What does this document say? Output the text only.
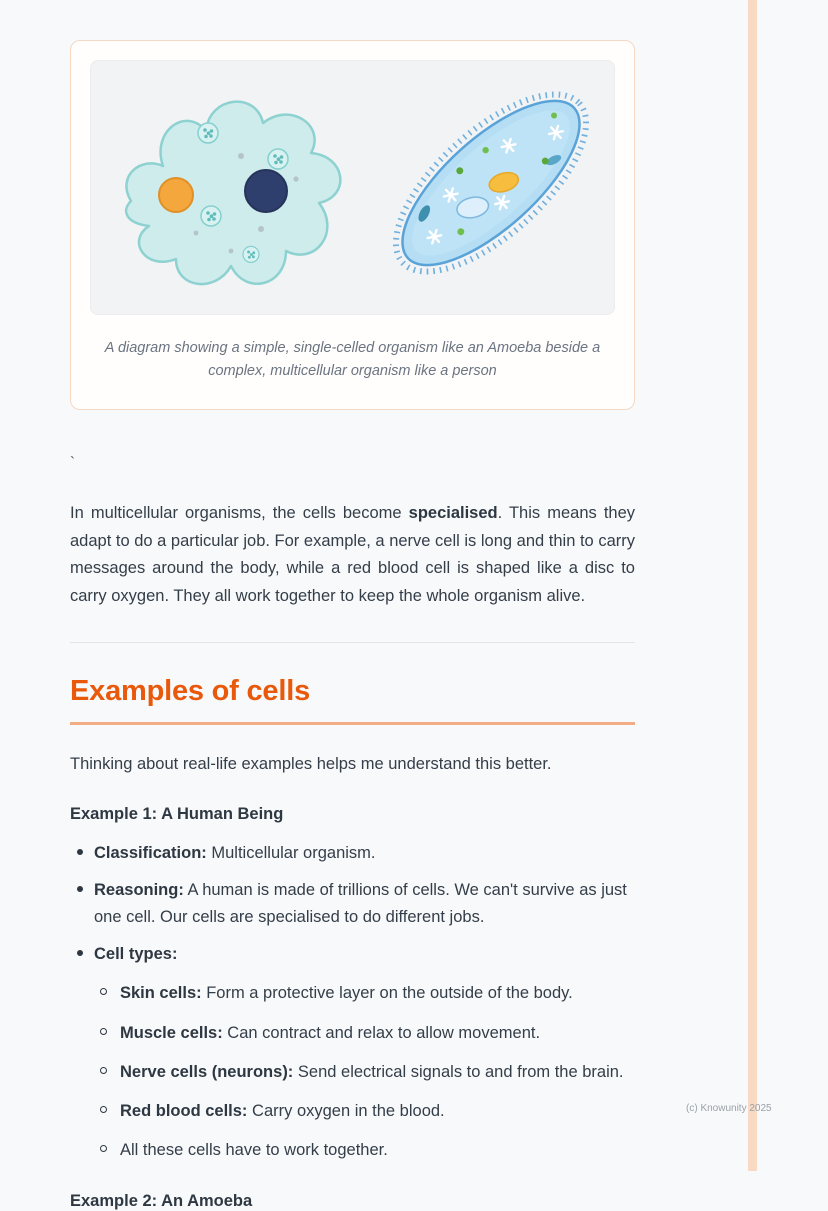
(c) Knowunity 2025
A diagram showing a simple, single-celled organism like an Amoeba beside a
complex, multicellular organism like a person

`

In multicellular organisms, the cells become specialised. This means they adapt to do a particular job. For example, a nerve cell is long and thin to carry messages around the body, while a red blood cell is shaped like a disc to carry oxygen. They all work together to keep the whole organism alive.

Examples of cells

Thinking about real-life examples helps me understand this better.

Example 1: A Human Being

Classification: Multicellular organism.
Reasoning: A human is made of trillions of cells. We can't survive as just one cell. Our cells are specialised to do different jobs.
Cell types:
Skin cells: Form a protective layer on the outside of the body.
Muscle cells: Can contract and relax to allow movement.
Nerve cells (neurons): Send electrical signals to and from the brain.
Red blood cells: Carry oxygen in the blood.
All these cells have to work together.

Example 2: An Amoeba
